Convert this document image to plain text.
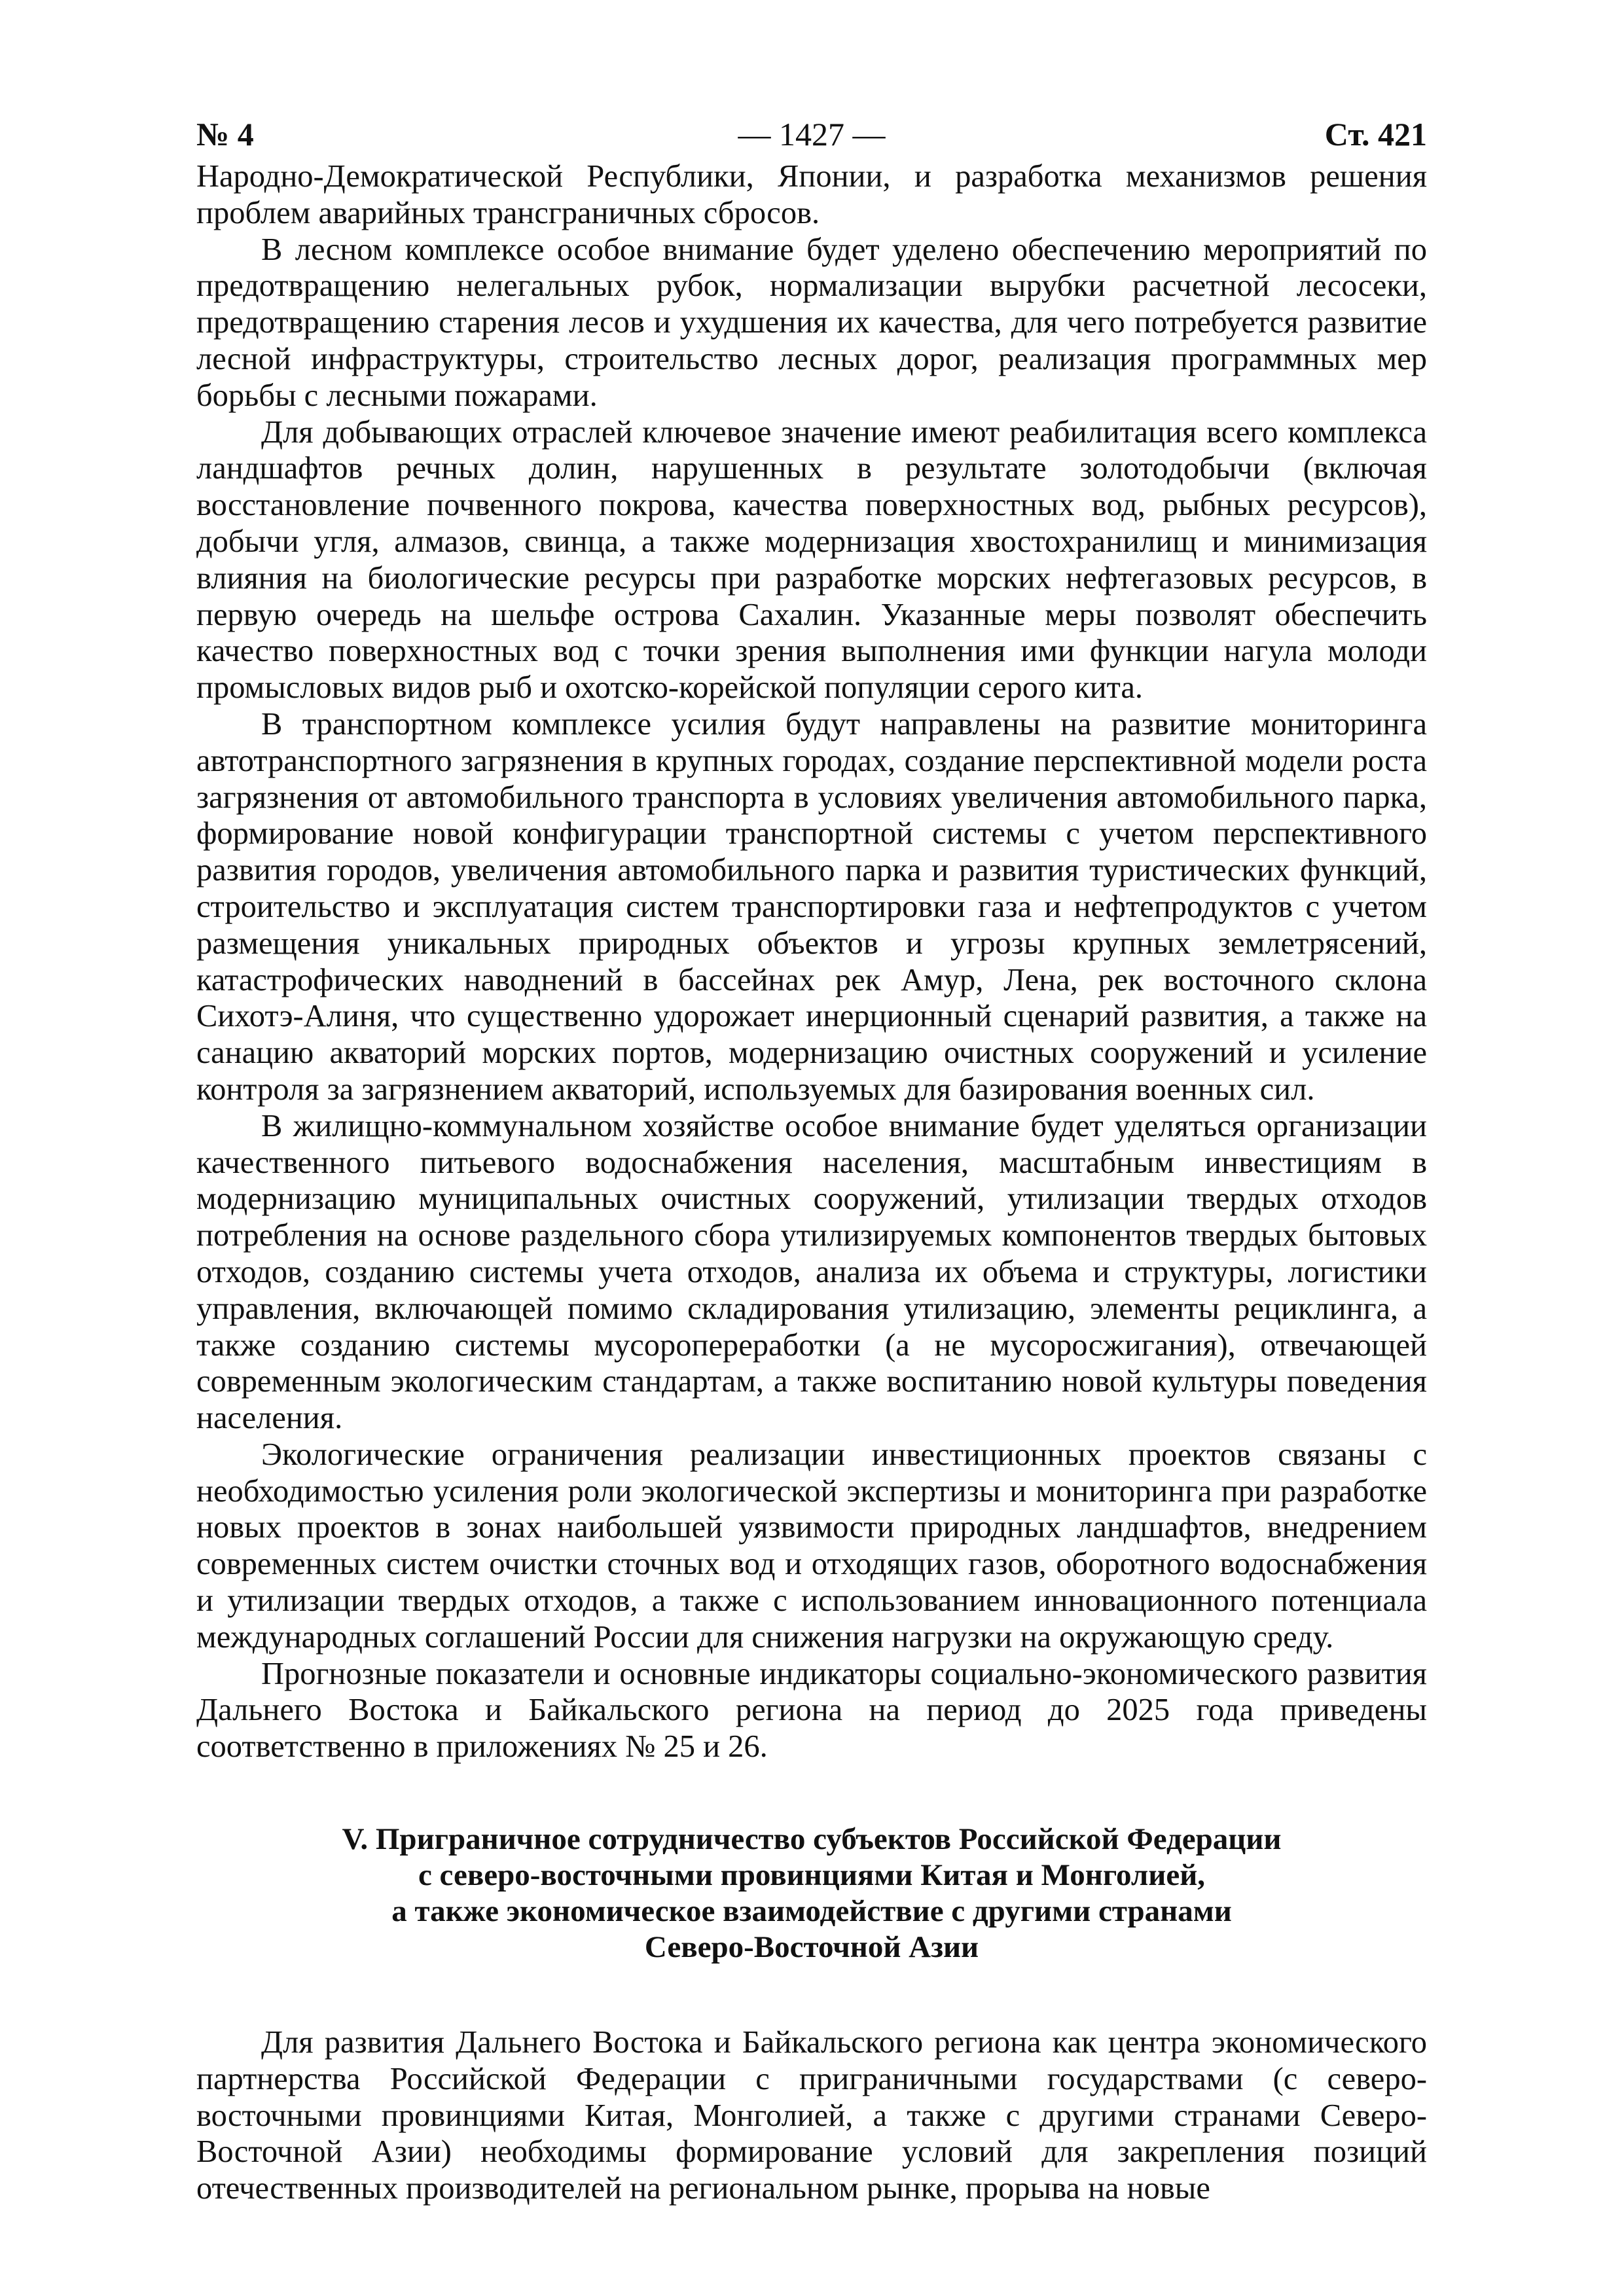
№ 4	— 1427 —	Ст. 421

Народно-Демократической Республики, Японии, и разработка механизмов решения проблем аварийных трансграничных сбросов.

В лесном комплексе особое внимание будет уделено обеспечению мероприятий по предотвращению нелегальных рубок, нормализации вырубки расчетной лесосеки, предотвращению старения лесов и ухудшения их качества, для чего потребуется развитие лесной инфраструктуры, строительство лесных дорог, реализация программных мер борьбы с лесными пожарами.

Для добывающих отраслей ключевое значение имеют реабилитация всего комплекса ландшафтов речных долин, нарушенных в результате золотодобычи (включая восстановление почвенного покрова, качества поверхностных вод, рыбных ресурсов), добычи угля, алмазов, свинца, а также модернизация хвостохранилищ и минимизация влияния на биологические ресурсы при разработке морских нефтегазовых ресурсов, в первую очередь на шельфе острова Сахалин. Указанные меры позволят обеспечить качество поверхностных вод с точки зрения выполнения ими функции нагула молоди промысловых видов рыб и охотско-корейской популяции серого кита.

В транспортном комплексе усилия будут направлены на развитие мониторинга автотранспортного загрязнения в крупных городах, создание перспективной модели роста загрязнения от автомобильного транспорта в условиях увеличения автомобильного парка, формирование новой конфигурации транспортной системы с учетом перспективного развития городов, увеличения автомобильного парка и развития туристических функций, строительство и эксплуатация систем транспортировки газа и нефтепродуктов с учетом размещения уникальных природных объектов и угрозы крупных землетрясений, катастрофических наводнений в бассейнах рек Амур, Лена, рек восточного склона Сихотэ-Алиня, что существенно удорожает инерционный сценарий развития, а также на санацию акваторий морских портов, модернизацию очистных сооружений и усиление контроля за загрязнением акваторий, используемых для базирования военных сил.

В жилищно-коммунальном хозяйстве особое внимание будет уделяться организации качественного питьевого водоснабжения населения, масштабным инвестициям в модернизацию муниципальных очистных сооружений, утилизации твердых отходов потребления на основе раздельного сбора утилизируемых компонентов твердых бытовых отходов, созданию системы учета отходов, анализа их объема и структуры, логистики управления, включающей помимо складирования утилизацию, элементы рециклинга, а также созданию системы мусоропереработки (а не мусоросжигания), отвечающей современным экологическим стандартам, а также воспитанию новой культуры поведения населения.

Экологические ограничения реализации инвестиционных проектов связаны с необходимостью усиления роли экологической экспертизы и мониторинга при разработке новых проектов в зонах наибольшей уязвимости природных ландшафтов, внедрением современных систем очистки сточных вод и отходящих газов, оборотного водоснабжения и утилизации твердых отходов, а также с использованием инновационного потенциала международных соглашений России для снижения нагрузки на окружающую среду.

Прогнозные показатели и основные индикаторы социально-экономического развития Дальнего Востока и Байкальского региона на период до 2025 года приведены соответственно в приложениях № 25 и 26.

V. Приграничное сотрудничество субъектов Российской Федерации
с северо-восточными провинциями Китая и Монголией,
а также экономическое взаимодействие с другими странами
Северо-Восточной Азии

Для развития Дальнего Востока и Байкальского региона как центра экономического партнерства Российской Федерации с приграничными государствами (с северо-восточными провинциями Китая, Монголией, а также с другими странами Северо-Восточной Азии) необходимы формирование условий для закрепления позиций отечественных производителей на региональном рынке, прорыва на новые
